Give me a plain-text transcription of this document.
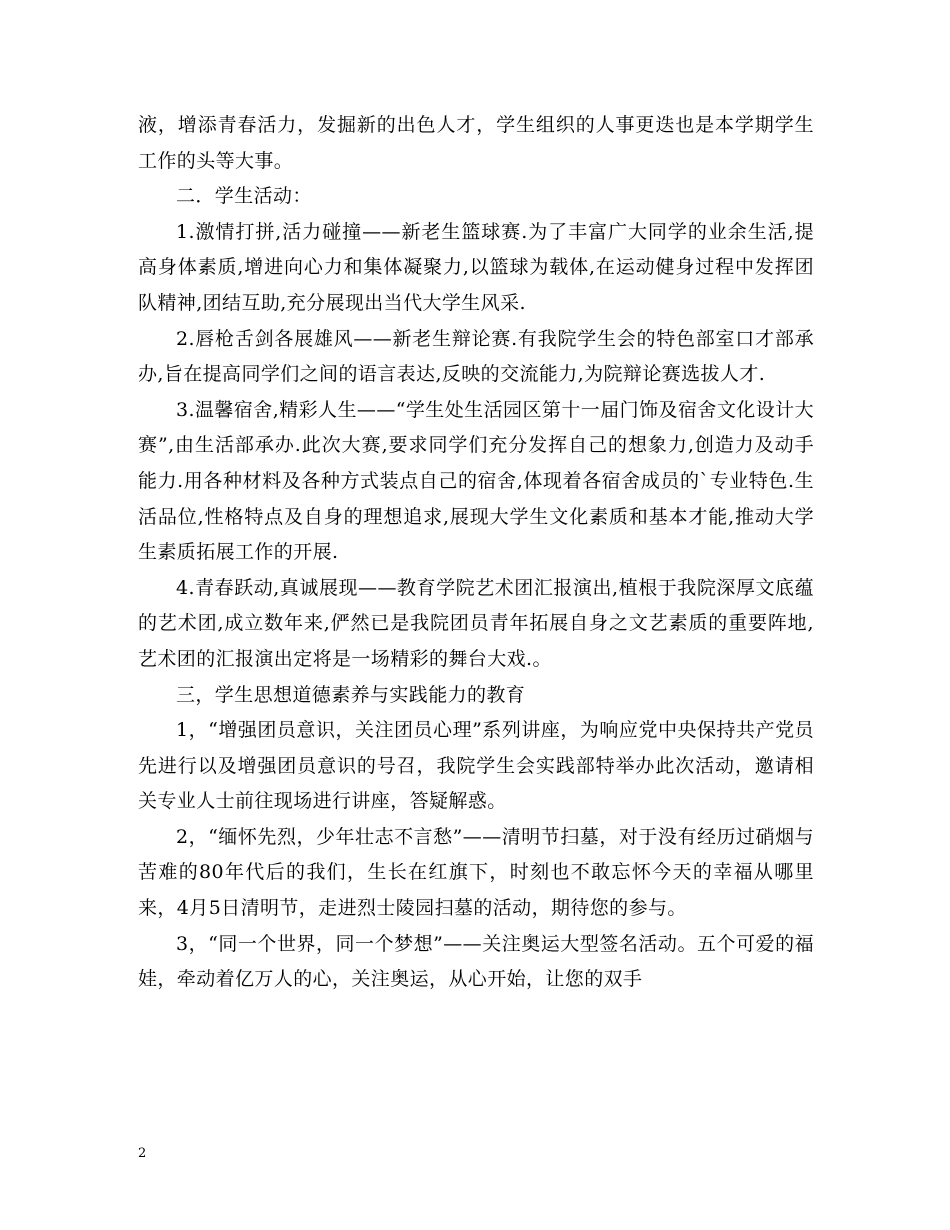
液，增添青春活力，发掘新的出色人才，学生组织的人事更迭也是本学期学生工作的头等大事。

二．学生活动：

1.激情打拼,活力碰撞——新老生篮球赛.为了丰富广大同学的业余生活,提高身体素质,增进向心力和集体凝聚力,以篮球为载体,在运动健身过程中发挥团队精神,团结互助,充分展现出当代大学生风采.

2.唇枪舌剑各展雄风——新老生辩论赛.有我院学生会的特色部室口才部承办,旨在提高同学们之间的语言表达,反映的交流能力,为院辩论赛选拔人才.

3.温馨宿舍,精彩人生——“学生处生活园区第十一届门饰及宿舍文化设计大赛”,由生活部承办.此次大赛,要求同学们充分发挥自己的想象力,创造力及动手能力.用各种材料及各种方式装点自己的宿舍,体现着各宿舍成员的`专业特色.生活品位,性格特点及自身的理想追求,展现大学生文化素质和基本才能,推动大学生素质拓展工作的开展.

4.青春跃动,真诚展现——教育学院艺术团汇报演出,植根于我院深厚文底蕴的艺术团,成立数年来,俨然已是我院团员青年拓展自身之文艺素质的重要阵地,艺术团的汇报演出定将是一场精彩的舞台大戏.。

三，学生思想道德素养与实践能力的教育

1，“增强团员意识，关注团员心理”系列讲座，为响应党中央保持共产党员先进行以及增强团员意识的号召，我院学生会实践部特举办此次活动，邀请相关专业人士前往现场进行讲座，答疑解惑。

2，“缅怀先烈，少年壮志不言愁”——清明节扫墓，对于没有经历过硝烟与苦难的80年代后的我们，生长在红旗下，时刻也不敢忘怀今天的幸福从哪里来，4月5日清明节，走进烈士陵园扫墓的活动，期待您的参与。

3，“同一个世界，同一个梦想”——关注奥运大型签名活动。五个可爱的福娃，牵动着亿万人的心，关注奥运，从心开始，让您的双手

2
